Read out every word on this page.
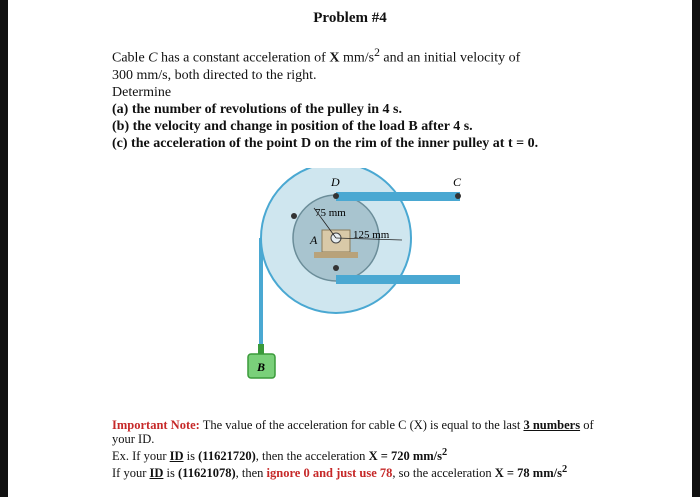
Problem #4

Cable C has a constant acceleration of X $mm/s^2$ and an initial velocity of

300 mm/s, both directed to the right.

Determine

(a) the number of revolutions of the pulley in 4 s.

(b) the velocity and change in position of the load B after 4 s.

(c) the acceleration of the point D on the rim of the inner pulley at t = 0.

D	C
A
75 mm
125 mm
B

Important Note: The value of the acceleration for cable C (X) is equal to the last 3 numbers of

your ID.

Ex. If your ID is (11621720), then the acceleration X = 720 $mm/s^2$

If your ID is (11621078), then ignore 0 and just use 78, so the acceleration X = 78 $mm/s^2$
